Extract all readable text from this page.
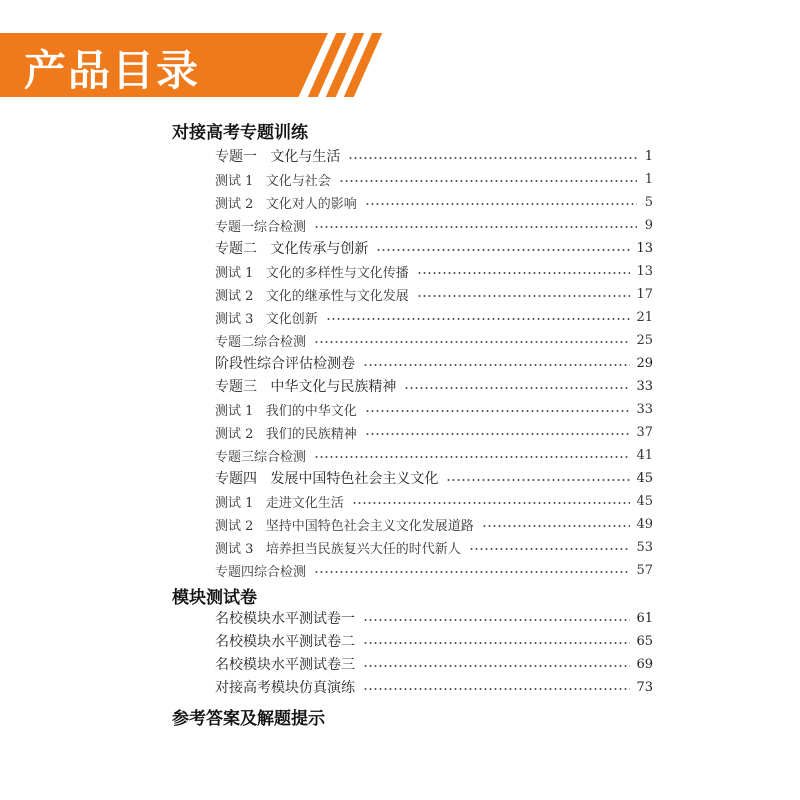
产品目录
对接高考专题训练
专题一   文化与生活	1
测试 1   文化与社会	1
测试 2   文化对人的影响	5
专题一综合检测	9
专题二   文化传承与创新	13
测试 1   文化的多样性与文化传播	13
测试 2   文化的继承性与文化发展	17
测试 3   文化创新	21
专题二综合检测	25
阶段性综合评估检测卷	29
专题三   中华文化与民族精神	33
测试 1   我们的中华文化	33
测试 2   我们的民族精神	37
专题三综合检测	41
专题四   发展中国特色社会主义文化	45
测试 1   走进文化生活	45
测试 2   坚持中国特色社会主义文化发展道路	49
测试 3   培养担当民族复兴大任的时代新人	53
专题四综合检测	57
模块测试卷
名校模块水平测试卷一	61
名校模块水平测试卷二	65
名校模块水平测试卷三	69
对接高考模块仿真演练	73
参考答案及解题提示
